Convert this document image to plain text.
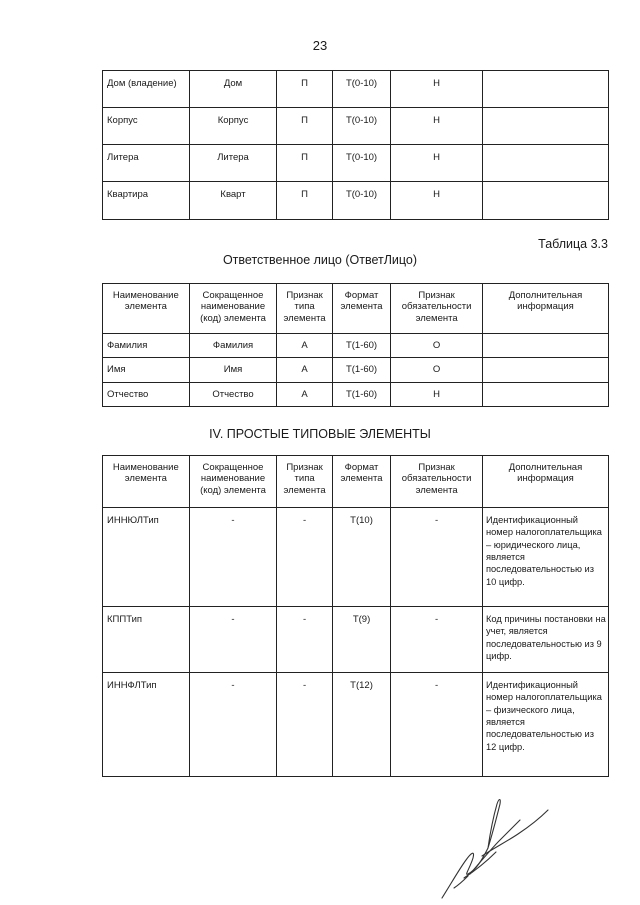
23
Дом (владение)	Дом	П	Т(0-10)	Н	
Корпус	Корпус	П	Т(0-10)	Н	
Литера	Литера	П	Т(0-10)	Н	
Квартира	Кварт	П	Т(0-10)	Н	
Таблица 3.3
Ответственное лицо (ОтветЛицо)
Наименование элемента	Сокращенное наименование (код) элемента	Признак типа элемента	Формат элемента	Признак обязательности элемента	Дополнительная информация
Фамилия	Фамилия	А	Т(1-60)	О	
Имя	Имя	А	Т(1-60)	О	
Отчество	Отчество	А	Т(1-60)	Н	
IV. ПРОСТЫЕ ТИПОВЫЕ ЭЛЕМЕНТЫ
Наименование элемента	Сокращенное наименование (код) элемента	Признак типа элемента	Формат элемента	Признак обязательности элемента	Дополнительная информация
ИННЮЛТип	-	-	Т(10)	-	Идентификационный номер налогоплательщика – юридического лица, является последовательностью из 10 цифр.
КППТип	-	-	Т(9)	-	Код причины постановки на учет, является последовательностью из 9 цифр.
ИННФЛТип	-	-	Т(12)	-	Идентификационный номер налогоплательщика – физического лица, является последовательностью из 12 цифр.
